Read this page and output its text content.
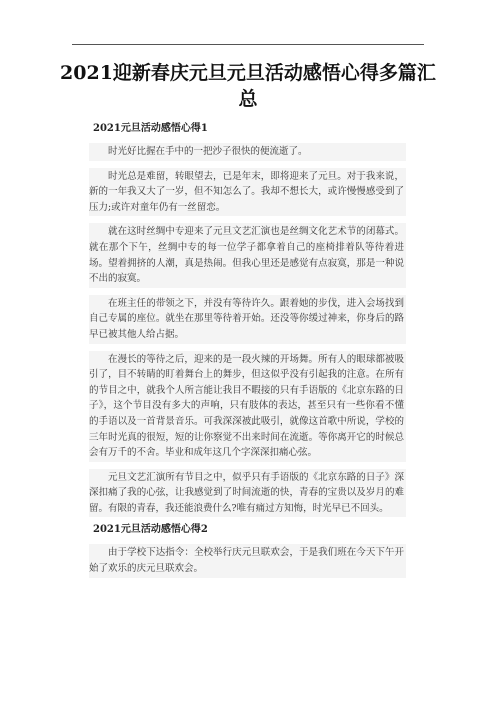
2021迎新春庆元旦元旦活动感悟心得多篇汇总
2021元旦活动感悟心得1

时光好比握在手中的一把沙子很快的便流逝了。

时光总是难留，转眼望去，已是年末，即将迎来了元旦。对于我来说，新的一年我又大了一岁，但不知怎么了。我却不想长大，或许慢慢感受到了压力;或许对童年仍有一丝留恋。

就在这时丝绸中专迎来了元旦文艺汇演也是丝绸文化艺术节的闭幕式。就在那个下午，丝绸中专的每一位学子都拿着自己的座椅排着队等待着进场。望着拥挤的人潮，真是热闹。但我心里还是感觉有点寂寞，那是一种说不出的寂寞。

在班主任的带领之下，并没有等待许久。跟着她的步伐，进入会场找到自己专属的座位。就坐在那里等待着开始。还没等你缓过神来，你身后的路早已被其他人给占据。

在漫长的等待之后，迎来的是一段火辣的开场舞。所有人的眼球都被吸引了，目不转睛的盯着舞台上的舞步，但这似乎没有引起我的注意。在所有的节目之中，就我个人所言能让我目不暇接的只有手语版的《北京东路的日子》，这个节目没有多大的声响，只有肢体的表达，甚至只有一些你看不懂的手语以及一首背景音乐。可我深深被此吸引，就像这首歌中所说，学校的三年时光真的很短，短的让你察觉不出来时间在流逝。等你离开它的时候总会有万千的不舍。毕业和成年这几个字深深扣痛心弦。

元旦文艺汇演所有节目之中，似乎只有手语版的《北京东路的日子》深深扣痛了我的心弦，让我感觉到了时间流逝的快，青春的宝贵以及岁月的难留。有限的青春，我还能浪费什么?唯有痛过方知悔，时光早已不回头。

2021元旦活动感悟心得2

由于学校下达指令：全校举行庆元旦联欢会，于是我们班在今天下午开始了欢乐的庆元旦联欢会。
